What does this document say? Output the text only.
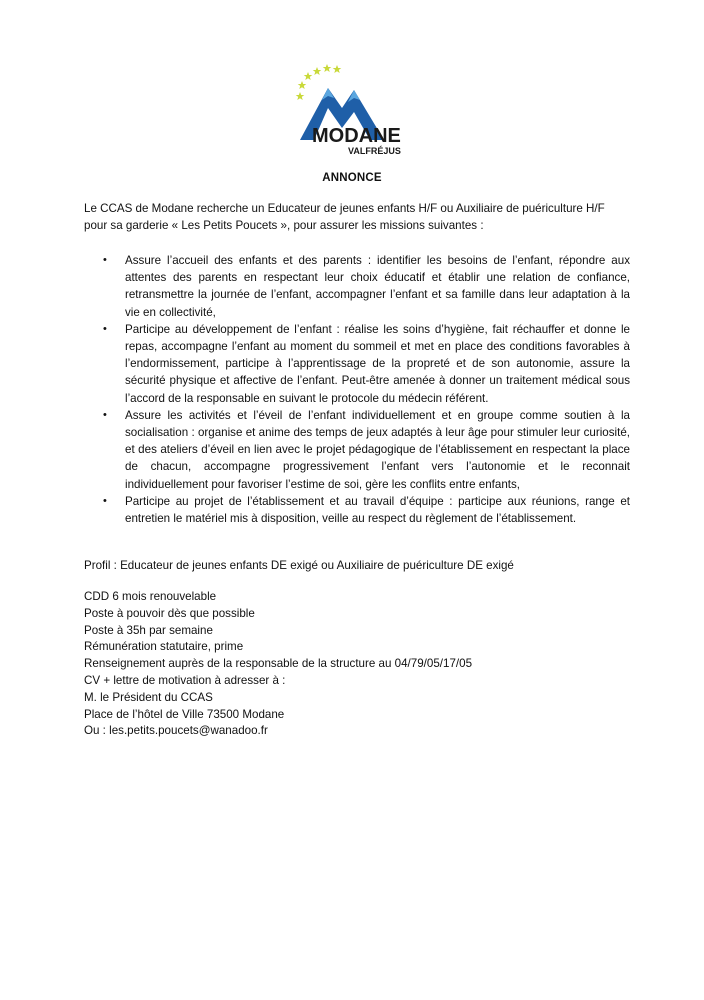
MODANE
VALFRÉJUS
ANNONCE

Le CCAS de Modane recherche un Educateur de jeunes enfants H/F ou Auxiliaire de puériculture H/F pour sa garderie « Les Petits Poucets », pour assurer les missions suivantes :

• Assure l’accueil des enfants et des parents : identifier les besoins de l’enfant, répondre aux attentes des parents en respectant leur choix éducatif et établir une relation de confiance, retransmettre la journée de l’enfant, accompagner l’enfant et sa famille dans leur adaptation à la vie en collectivité,
• Participe au développement de l’enfant : réalise les soins d’hygiène, fait réchauffer et donne le repas, accompagne l’enfant au moment du sommeil et met en place des conditions favorables à l’endormissement, participe à l’apprentissage de la propreté et de son autonomie, assure la sécurité physique et affective de l’enfant. Peut-être amenée à donner un traitement médical sous l’accord de la responsable en suivant le protocole du médecin référent.
• Assure les activités et l’éveil de l’enfant individuellement et en groupe comme soutien à la socialisation : organise et anime des temps de jeux adaptés à leur âge pour stimuler leur curiosité, et des ateliers d’éveil en lien avec le projet pédagogique de l’établissement en respectant la place de chacun, accompagne progressivement l’enfant vers l’autonomie et le reconnait individuellement pour favoriser l’estime de soi, gère les conflits entre enfants,
• Participe au projet de l’établissement et au travail d’équipe : participe aux réunions, range et entretien le matériel mis à disposition, veille au respect du règlement de l’établissement.
Profil : Educateur de jeunes enfants DE exigé ou Auxiliaire de puériculture DE exigé
CDD 6 mois renouvelable
Poste à pouvoir dès que possible
Poste à 35h par semaine
Rémunération statutaire, prime
Renseignement auprès de la responsable de la structure au 04/79/05/17/05
CV + lettre de motivation à adresser à :
M. le Président du CCAS
Place de l’hôtel de Ville 73500 Modane
Ou : les.petits.poucets@wanadoo.fr
